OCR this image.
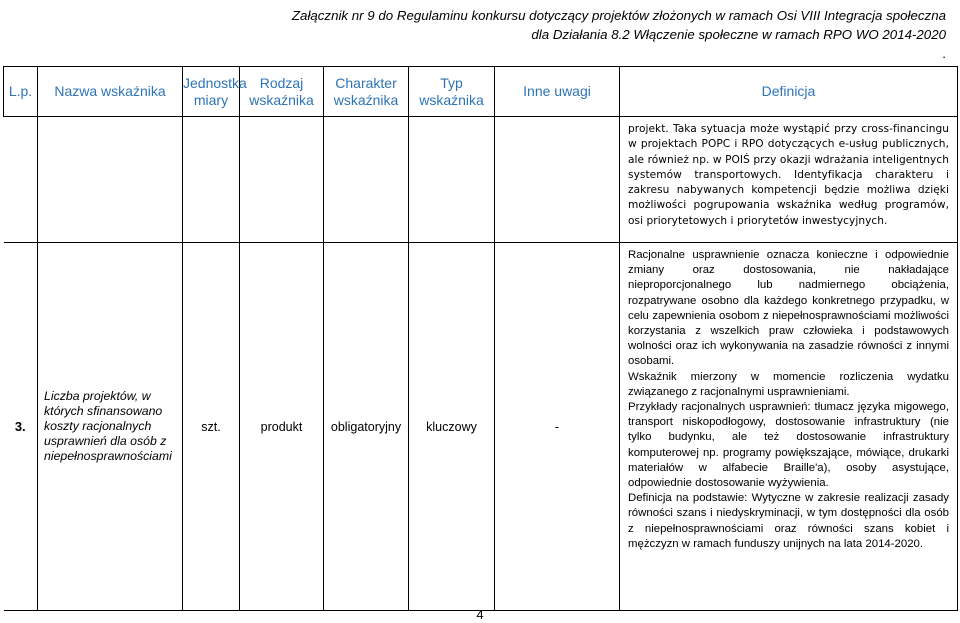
Załącznik nr 9 do Regulaminu konkursu dotyczący projektów złożonych w ramach Osi VIII Integracja społeczna
dla Działania 8.2 Włączenie społeczne w ramach RPO WO 2014-2020
.
L.p.	Nazwa wskaźnika	Jednostka miary	Rodzaj wskaźnika	Charakter wskaźnika	Typ wskaźnika	Inne uwagi	Definicja

							projekt. Taka sytuacja może wystąpić przy cross-financingu w projektach POPC i RPO dotyczących e-usług publicznych, ale również np. w POIŚ przy okazji wdrażania inteligentnych systemów transportowych. Identyfikacja charakteru i zakresu nabywanych kompetencji będzie możliwa dzięki możliwości pogrupowania wskaźnika według programów, osi priorytetowych i priorytetów inwestycyjnych.

3.	Liczba projektów, w których sfinansowano koszty racjonalnych usprawnień dla osób z niepełnosprawnościami	szt.	produkt	obligatoryjny	kluczowy	-	Racjonalne usprawnienie oznacza konieczne i odpowiednie zmiany oraz dostosowania, nie nakładające nieproporcjonalnego lub nadmiernego obciążenia, rozpatrywane osobno dla każdego konkretnego przypadku, w celu zapewnienia osobom z niepełnosprawnościami możliwości korzystania z wszelkich praw człowieka i podstawowych wolności oraz ich wykonywania na zasadzie równości z innymi osobami.

Wskaźnik mierzony w momencie rozliczenia wydatku związanego z racjonalnymi usprawnieniami.

Przykłady racjonalnych usprawnień: tłumacz języka migowego, transport niskopodłogowy, dostosowanie infrastruktury (nie tylko budynku, ale też dostosowanie infrastruktury komputerowej np. programy powiększające, mówiące, drukarki materiałów w alfabecie Braille'a), osoby asystujące, odpowiednie dostosowanie wyżywienia.

Definicja na podstawie: Wytyczne w zakresie realizacji zasady równości szans i niedyskryminacji, w tym dostępności dla osób z niepełnosprawnościami oraz równości szans kobiet i mężczyzn w ramach funduszy unijnych na lata 2014-2020.

4
